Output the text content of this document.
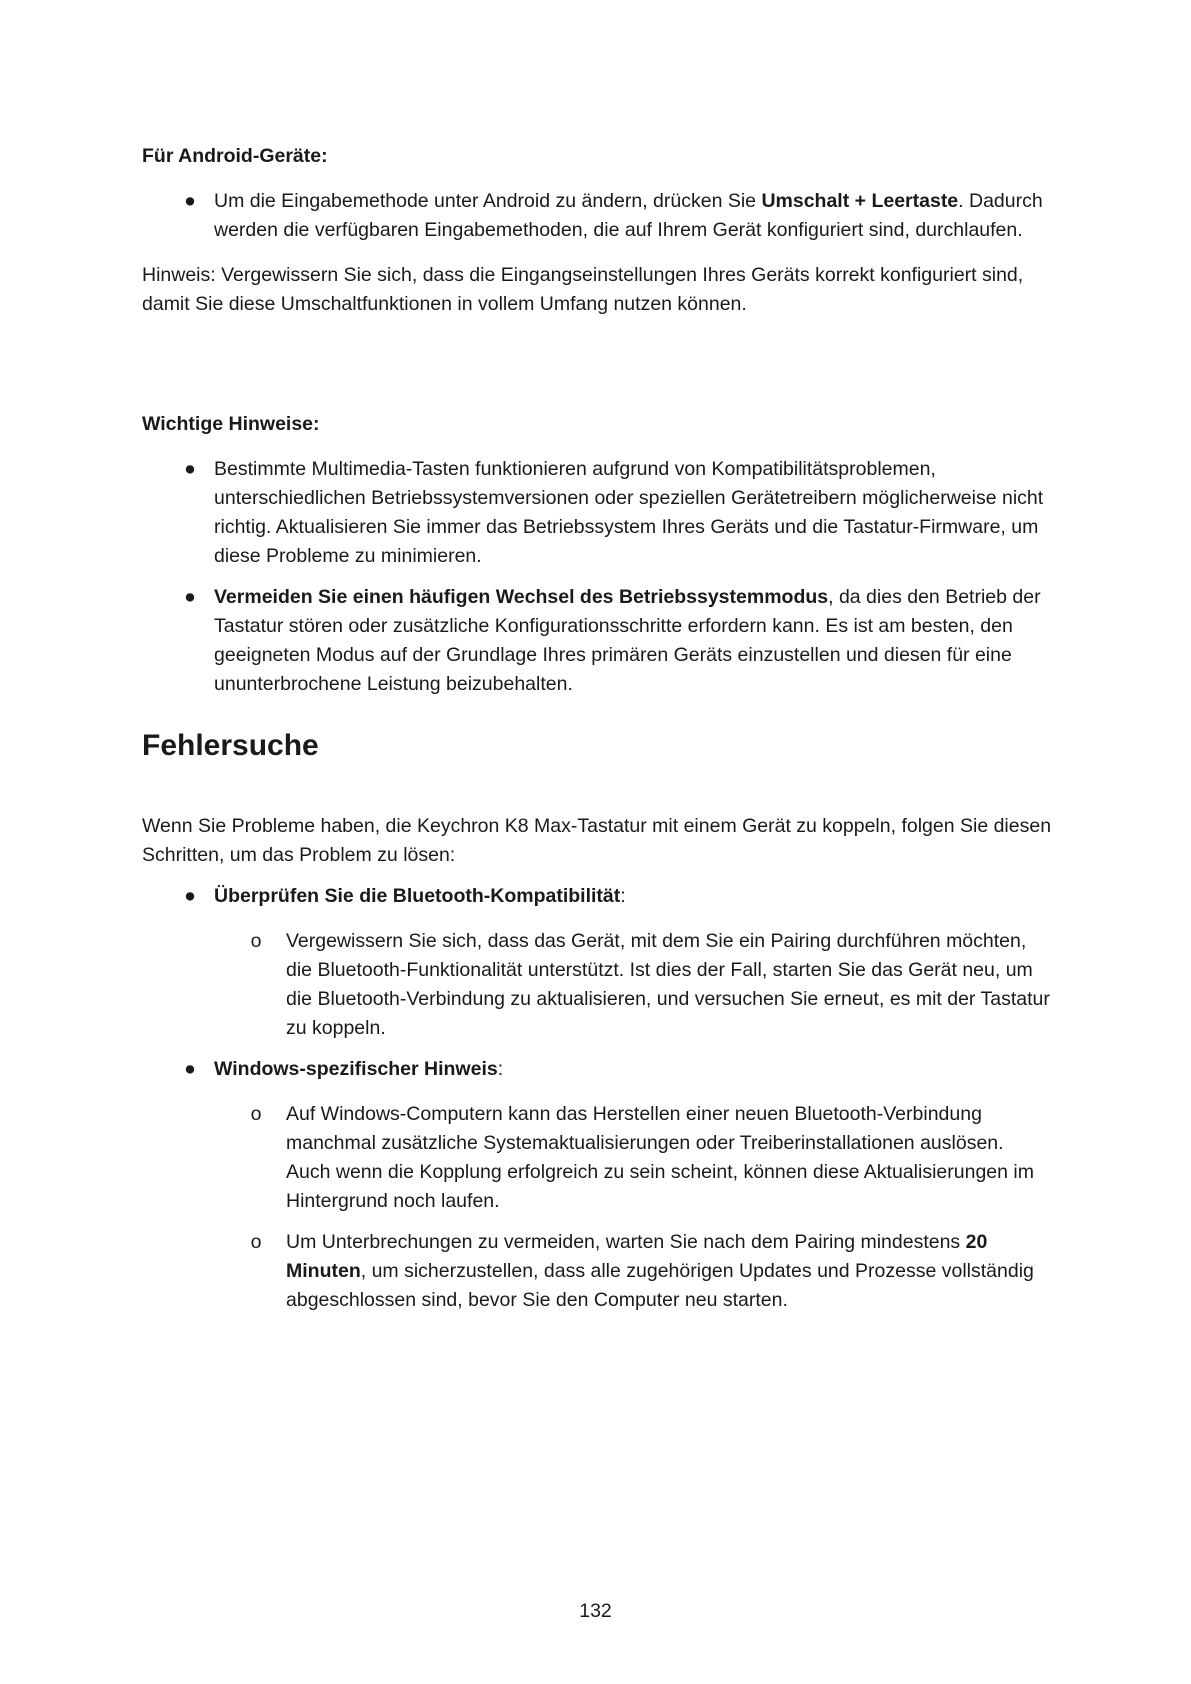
Für Android-Geräte:

● Um die Eingabemethode unter Android zu ändern, drücken Sie Umschalt + Leertaste. Dadurch werden die verfügbaren Eingabemethoden, die auf Ihrem Gerät konfiguriert sind, durchlaufen.

Hinweis: Vergewissern Sie sich, dass die Eingangseinstellungen Ihres Geräts korrekt konfiguriert sind, damit Sie diese Umschaltfunktionen in vollem Umfang nutzen können.

Wichtige Hinweise:

● Bestimmte Multimedia-Tasten funktionieren aufgrund von Kompatibilitätsproblemen, unterschiedlichen Betriebssystemversionen oder speziellen Gerätetreibern möglicherweise nicht richtig. Aktualisieren Sie immer das Betriebssystem Ihres Geräts und die Tastatur-Firmware, um diese Probleme zu minimieren.
● Vermeiden Sie einen häufigen Wechsel des Betriebssystemmodus, da dies den Betrieb der Tastatur stören oder zusätzliche Konfigurationsschritte erfordern kann. Es ist am besten, den geeigneten Modus auf der Grundlage Ihres primären Geräts einzustellen und diesen für eine ununterbrochene Leistung beizubehalten.
Fehlersuche

Wenn Sie Probleme haben, die Keychron K8 Max-Tastatur mit einem Gerät zu koppeln, folgen Sie diesen Schritten, um das Problem zu lösen:

● Überprüfen Sie die Bluetooth-Kompatibilität:
o Vergewissern Sie sich, dass das Gerät, mit dem Sie ein Pairing durchführen möchten, die Bluetooth-Funktionalität unterstützt. Ist dies der Fall, starten Sie das Gerät neu, um die Bluetooth-Verbindung zu aktualisieren, und versuchen Sie erneut, es mit der Tastatur zu koppeln.
● Windows-spezifischer Hinweis:
o Auf Windows-Computern kann das Herstellen einer neuen Bluetooth-Verbindung manchmal zusätzliche Systemaktualisierungen oder Treiberinstallationen auslösen. Auch wenn die Kopplung erfolgreich zu sein scheint, können diese Aktualisierungen im Hintergrund noch laufen.
o Um Unterbrechungen zu vermeiden, warten Sie nach dem Pairing mindestens 20 Minuten, um sicherzustellen, dass alle zugehörigen Updates und Prozesse vollständig abgeschlossen sind, bevor Sie den Computer neu starten.
132
